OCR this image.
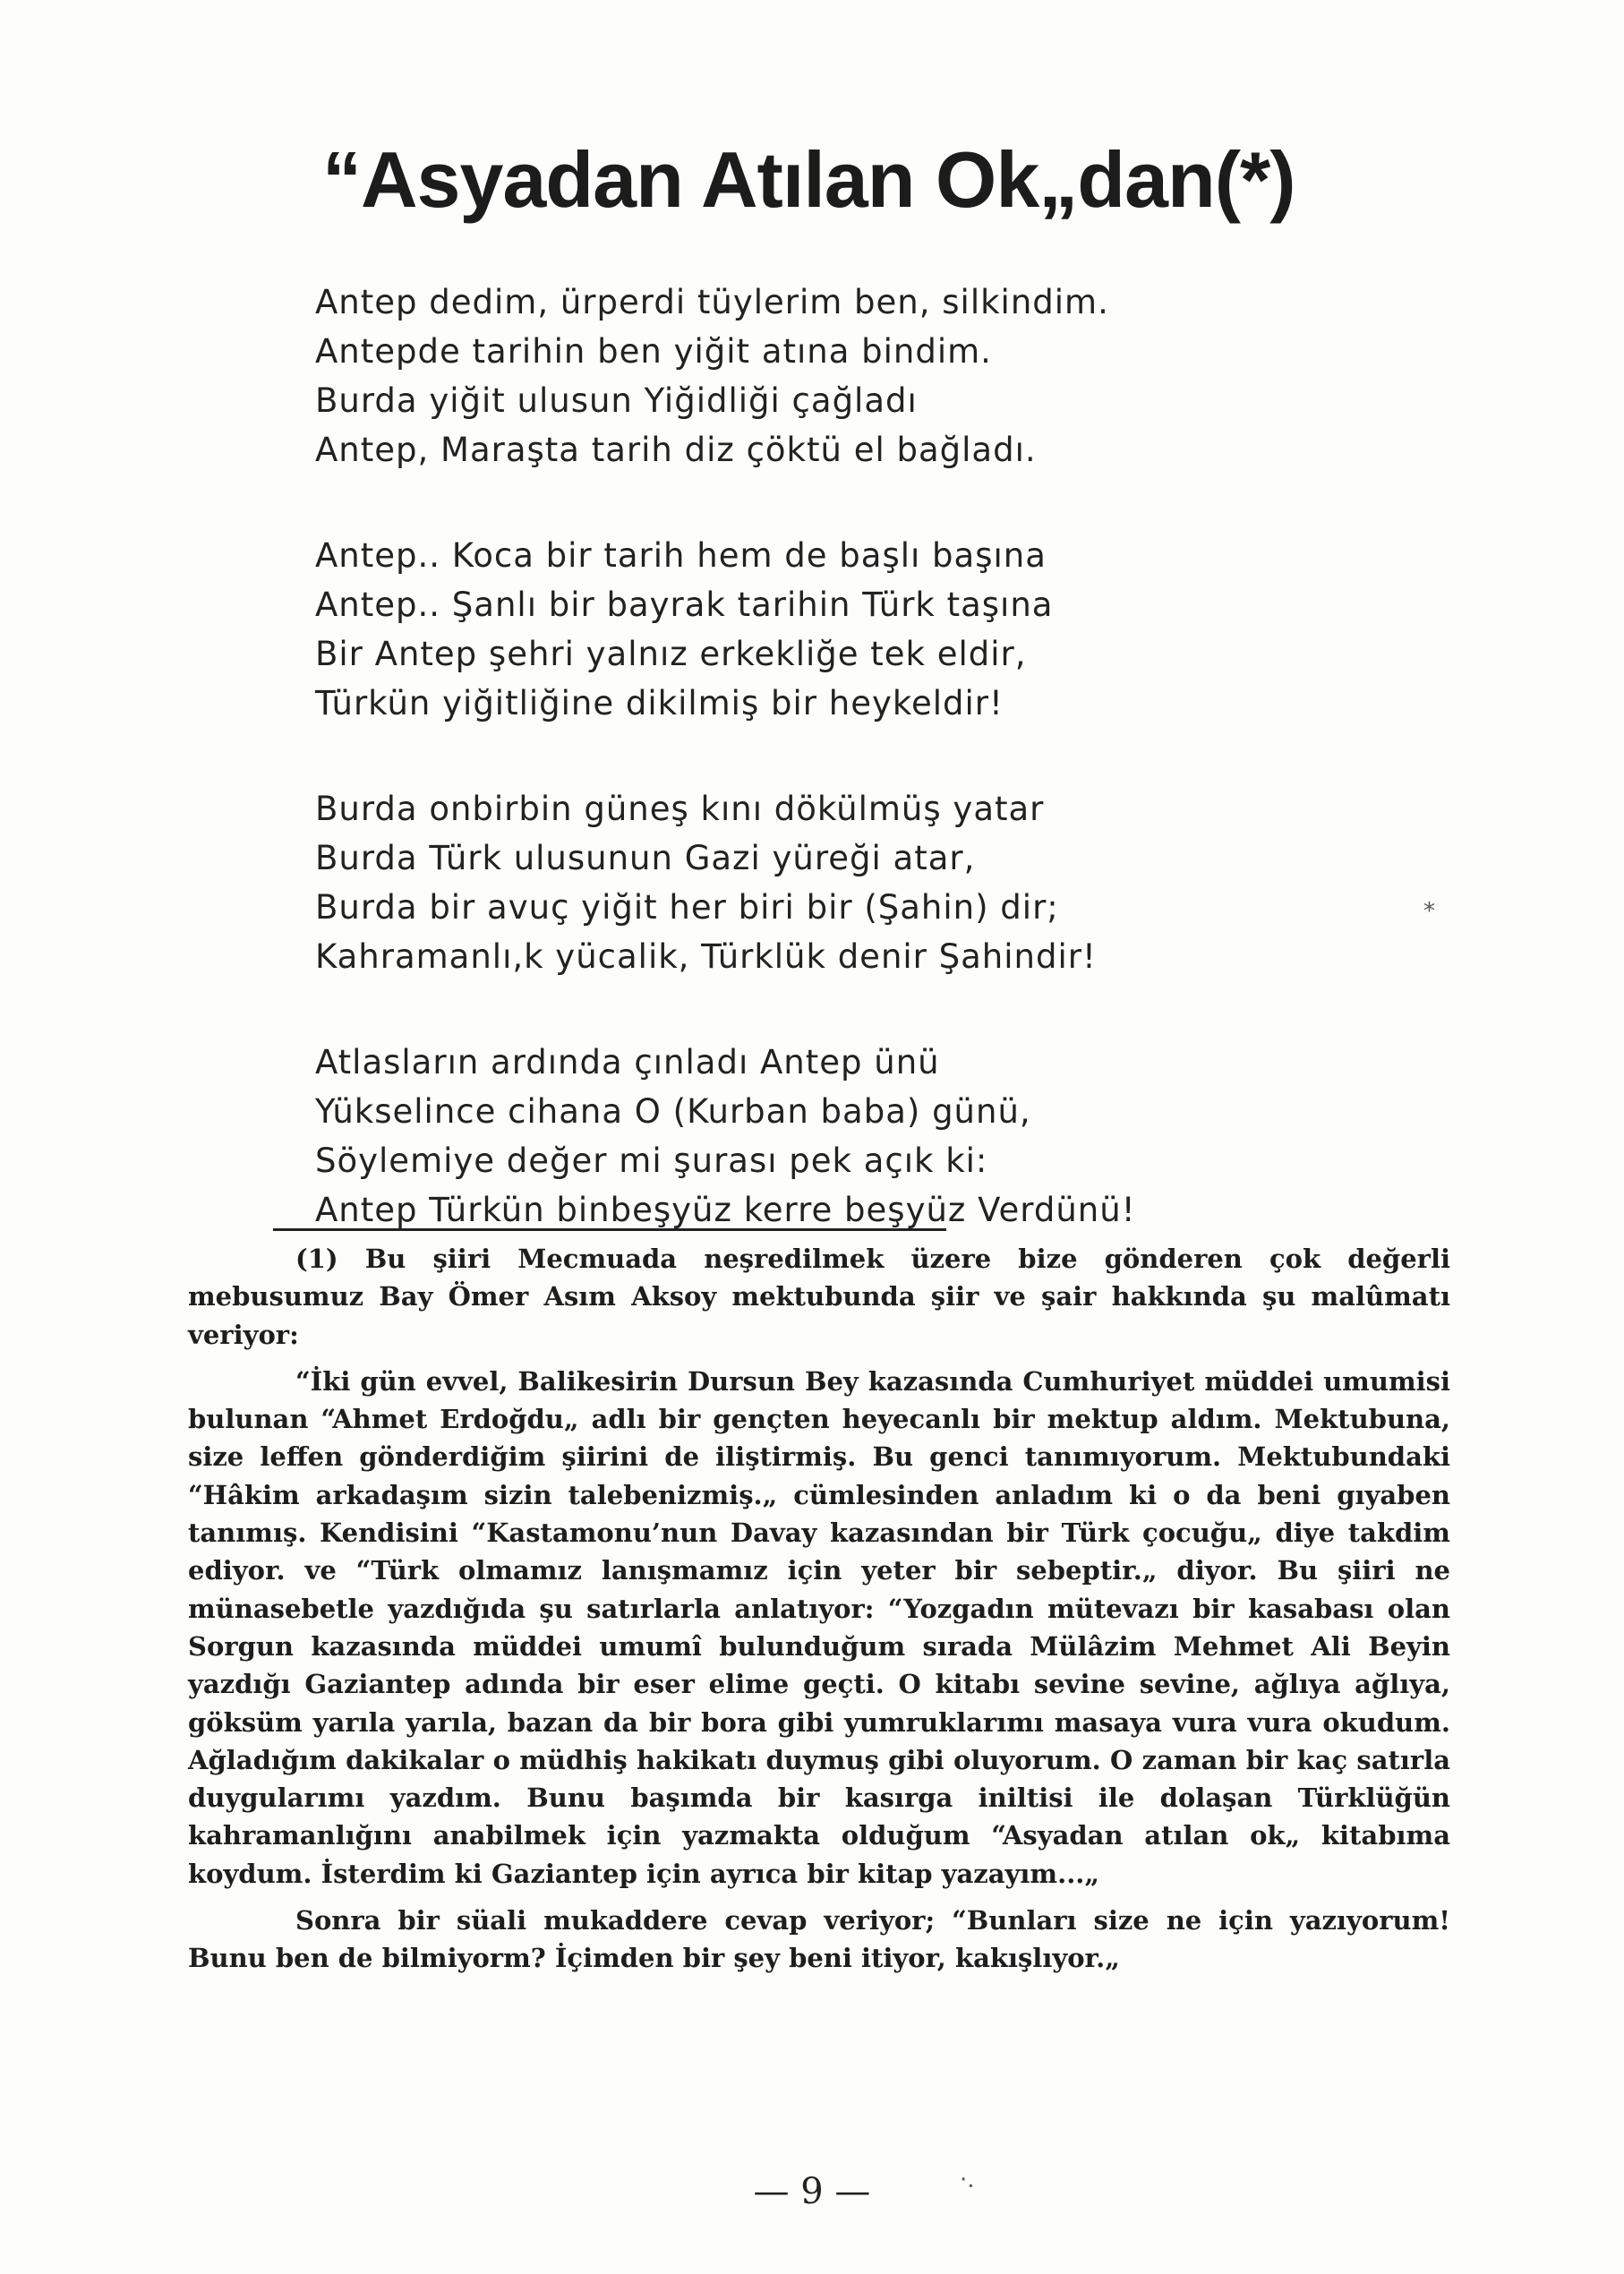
“Asyadan Atılan Ok„dan(*)
Antep dedim, ürperdi tüylerim ben, silkindim.
Antepde tarihin ben yiğit atına bindim.
Burda yiğit ulusun Yiğidliği çağladı
Antep, Maraşta tarih diz çöktü el bağladı.
Antep.. Koca bir tarih hem de başlı başına
Antep.. Şanlı bir bayrak tarihin Türk taşına
Bir Antep şehri yalnız erkekliğe tek eldir,
Türkün yiğitliğine dikilmiş bir heykeldir!
Burda onbirbin güneş kını dökülmüş yatar
Burda Türk ulusunun Gazi yüreği atar,
Burda bir avuç yiğit her biri bir (Şahin) dir;
Kahramanlı,k yücalik, Türklük denir Şahindir!
Atlasların ardında çınladı Antep ünü
Yükselince cihana O (Kurban baba) günü,
Söylemiye değer mi şurası pek açık ki:
Antep Türkün binbeşyüz kerre beşyüz Verdünü!

(1) Bu şiiri Mecmuada neşredilmek üzere bize gönderen çok değerli mebusumuz Bay Ömer Asım Aksoy mektubunda şiir ve şair hakkında şu malûmatı veriyor:

“İki gün evvel, Balikesirin Dursun Bey kazasında Cumhuriyet müddei umumisi bulunan “Ahmet Erdoğdu„ adlı bir gençten heyecanlı bir mektup aldım. Mektubuna, size leffen gönderdiğim şiirini de iliştirmiş. Bu genci tanımıyorum. Mektubundaki “Hâkim arkadaşım sizin talebenizmiş.„ cümlesinden anladım ki o da beni gıyaben tanımış. Kendisini “Kastamonu’nun Davay kazasından bir Türk çocuğu„ diye takdim ediyor. ve “Türk olmamız lanışmamız için yeter bir sebeptir.„ diyor. Bu şiiri ne münasebetle yazdığıda şu satırlarla anlatıyor: “Yozgadın mütevazı bir kasabası olan Sorgun kazasında müddei umumî bulunduğum sırada Mülâzim Mehmet Ali Beyin yazdığı Gaziantep adında bir eser elime geçti. O kitabı sevine sevine, ağlıya ağlıya, göksüm yarıla yarıla, bazan da bir bora gibi yumruklarımı masaya vura vura okudum. Ağladığım dakikalar o müdhiş hakikatı duymuş gibi oluyorum. O zaman bir kaç satırla duygularımı yazdım. Bunu başımda bir kasırga iniltisi ile dolaşan Türklüğün kahramanlığını anabilmek için yazmakta olduğum “Asyadan atılan ok„ kitabıma koydum. İsterdim ki Gaziantep için ayrıca bir kitap yazayım...„

Sonra bir süali mukaddere cevap veriyor; “Bunları size ne için yazıyorum! Bunu ben de bilmiyorm? İçimden bir şey beni itiyor, kakışlıyor.„

— 9 —
⁎
·.
